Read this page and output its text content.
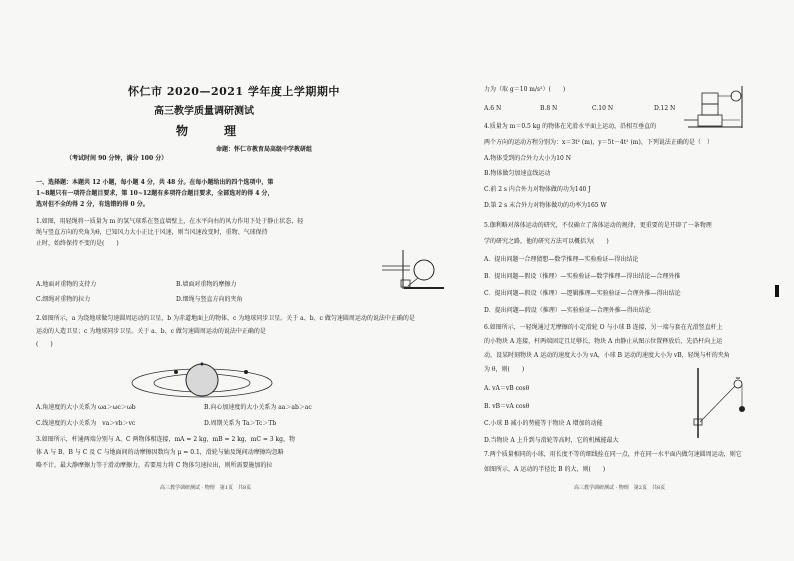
怀仁市 2020—2021 学年度上学期期中
高三教学质量调研测试
物　理
命题：怀仁市教育局高级中学教研组
（考试时间 90 分钟，满分 100 分）
一、选择题：本题共 12 小题，每小题 4 分，共 48 分。在每小题给出的四个选项中，第
1~8题只有一项符合题目要求，第 10~12题有多项符合题目要求，全部选对的得 4 分，
选对但不全的得 2 分，有选错的得 0 分。
1.如图，用轻绳将一质量为 m 的氢气球系在竖直墙壁上，在水平向右的风力作用下处于静止状态，轻
绳与竖直方向的夹角为θ，已知风力大小正比于风速，则当风速改变时，重物、气球保持
止时，始终保持不变的是(　　)
A.地面对重物的支持力	B.墙面对重物的摩擦力
C.细绳对重物的拉力	D.细绳与竖直方向的夹角
2.如图所示，a 为绕地球做匀速圆周运动的卫星，b 为赤道地面上的物体，c 为地球同步卫星。关于 a、b、c 做匀速圆周运动的说法中正确的是
运动的人造卫星；c 为地球同步卫星。关于 a、b、c 做匀速圆周运动的说法中正确的是
(　　)
A.角速度的大小关系为 ωa＞ωc＞ωb	B.向心加速度的大小关系为 aa＞ab＞ac
C.线速度的大小关系为　va＞vb＞vc	D.周期关系为 Ta＞Tc＞Tb
3.如图所示，杆通两端分别与 A、C 两物体相连接，mA = 2 kg，mB = 2 kg，mC = 3 kg，物
体 A 与 B、B 与 C 及 C 与地面间的动摩擦因数均为 μ = 0.1，滑轮与轴及绳间动摩擦均忽略
略不计，最大静摩擦力等于滑动摩擦力，若要用力将 C 物体匀速拉出，则所需要施加的拉
高三教学调研测试 · 物理　第1页　共8页
力为（取 g＝10 m/s²）(　　)
A.6 N	B.8 N	C.10 N	D.12 N
4.质量为 m＝0.5 kg 的物体在光滑水平面上运动，沿相互垂直的
两个方向的运动方程分别为：x＝3t² (m)，y＝5t－4t² (m)，下列说法正确的是（　）
A.物体受到的合外力大小为10 N
B.物体做匀加速直线运动
C.前 2 s 内合外力对物体做的功为140 J
D.第 2 s 末合外力对物体做功的功率为165 W
5.伽利略对落体运动的研究，不仅确立了落体运动的规律，更重要的是开辟了一条物理
学的研究之路，他的研究方法可以概括为(　　)
A．提出问题一合理猜想—数学推理—实验验证—得出结论
B．提出问题—假设（推理）—实验验证—数学推理—得出结论—合理外推
C．提出问题—假设（推理）—逻辑推理—实验验证—合理外推—得出结论
D．提出问题—假设（推理）—实验验证—合理外推—得出结论
6.如图所示，一轻绳通过无摩擦的小定滑轮 O 与小球 B 连接，另一端与套在光滑竖直杆上
的小物块 A 连接，杆两端固定且足够长，物块 A 由静止从图示位置释放后，先沿杆向上运
动，设某时刻物块 A 运动的速度大小为 vA，小球 B 运动的速度大小为 vB，轻绳与杆的夹角
为 θ，则(　　)
A. vA＝vB cosθ
B. vB＝vA cosθ
C.小球 B 减小的势能等于物块 A 增加的动能
D.当物块 A 上升到与滑轮等高时，它的机械能最大
7.两个质量相同的小球，用长度不等的细线拴在同一点，并在同一水平面内做匀速圆周运动，则它
如图所示，A 运动的半径比 B 的大，则(　　)
高三教学调研测试 · 物理　第2页　共8页
